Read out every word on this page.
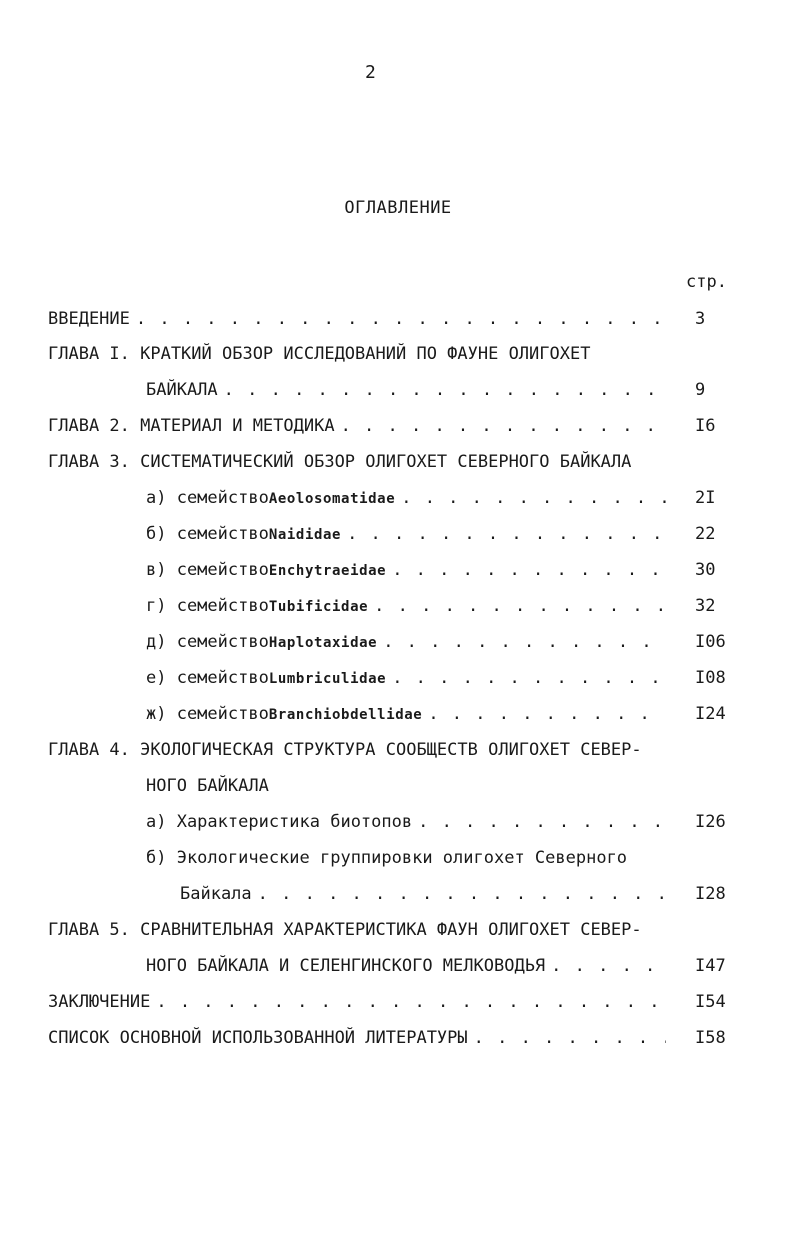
2
ОГЛАВЛЕНИЕ
стр.
ВВЕДЕНИЕ . . .	3
ГЛАВА I. КРАТКИЙ ОБЗОР ИССЛЕДОВАНИЙ ПО ФАУНЕ ОЛИГОХЕТ
БАЙКАЛА . . .	9
ГЛАВА 2. МАТЕРИАЛ И МЕТОДИКА . . .	I6
ГЛАВА 3. СИСТЕМАТИЧЕСКИЙ ОБЗОР ОЛИГОХЕТ СЕВЕРНОГО БАЙКАЛА
а) семейство Aeolosomatidae . . .	2I
б) семейство Naididae . . .	22
в) семейство Enchytraeidae . . .	30
г) семейство Tubificidae . . .	32
д) семейство Haplotaxidae . . .	I06
е) семейство Lumbriculidae . . .	I08
ж) семейство Branchiobdellidae . . .	I24
ГЛАВА 4. ЭКОЛОГИЧЕСКАЯ СТРУКТУРА СООБЩЕСТВ ОЛИГОХЕТ СЕВЕР-
НОГО БАЙКАЛА
а) Характеристика биотопов . . .	I26
б) Экологические группировки олигохет Северного
Байкала . . .	I28
ГЛАВА 5. СРАВНИТЕЛЬНАЯ ХАРАКТЕРИСТИКА ФАУН ОЛИГОХЕТ СЕВЕР-
НОГО БАЙКАЛА И СЕЛЕНГИНСКОГО МЕЛКОВОДЬЯ . . .	I47
ЗАКЛЮЧЕНИЕ . . .	I54
СПИСОК ОСНОВНОЙ ИСПОЛЬЗОВАННОЙ ЛИТЕРАТУРЫ . . .	I58
